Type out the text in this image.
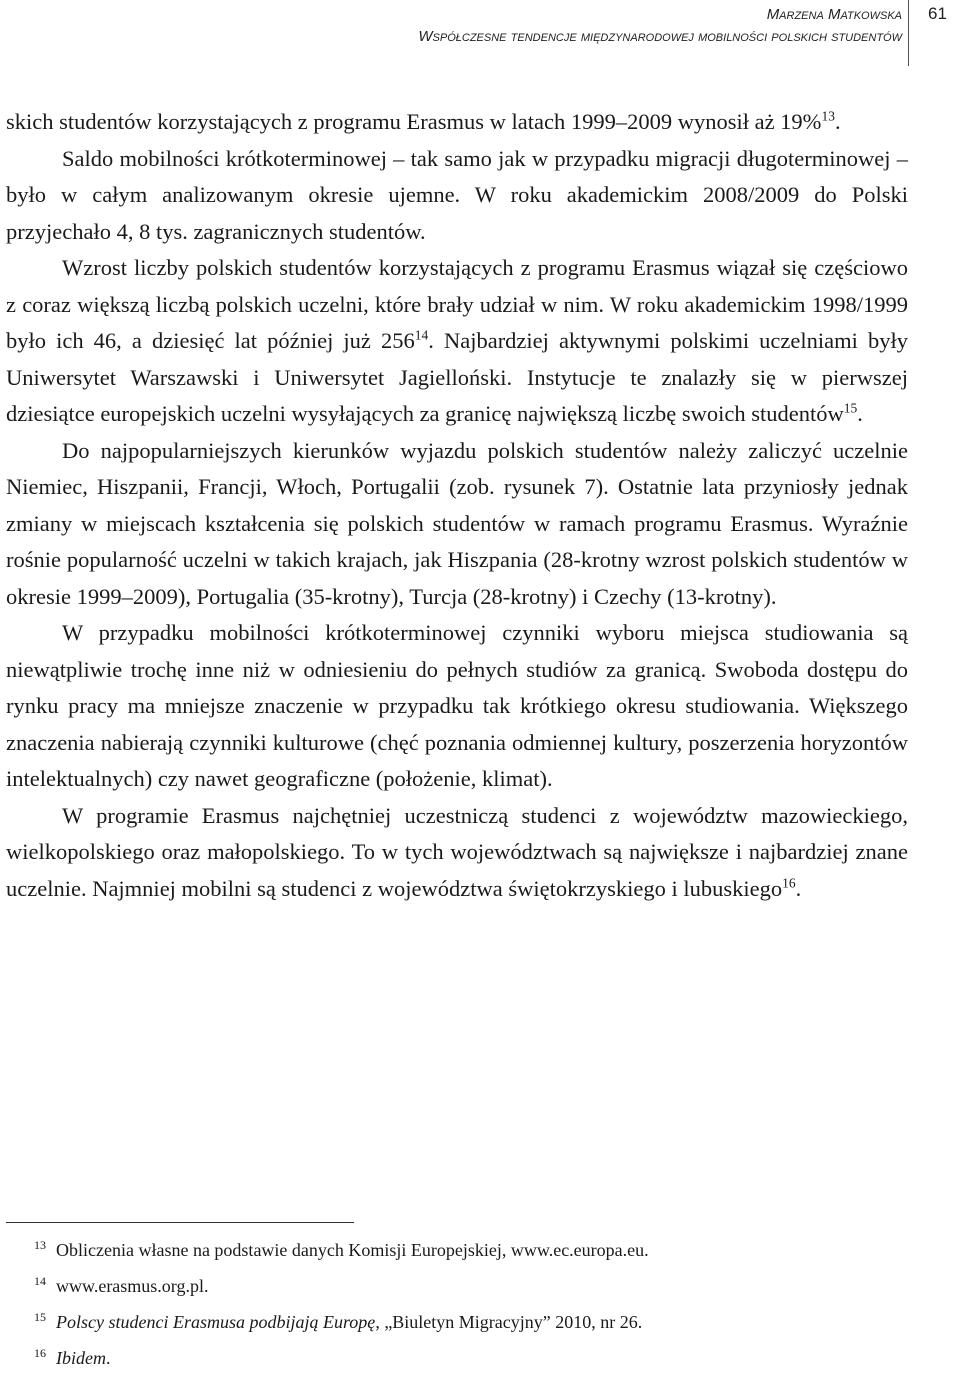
Marzena Matkowska
Współczesne tendencje międzynarodowej mobilności polskich studentów
61

skich studentów korzystających z programu Erasmus w latach 1999–2009 wynosił aż 19%$^{13}$.

Saldo mobilności krótkoterminowej – tak samo jak w przypadku migracji długoterminowej – było w całym analizowanym okresie ujemne. W roku akademickim 2008/2009 do Polski przyjechało 4, 8 tys. zagranicznych studentów.

Wzrost liczby polskich studentów korzystających z programu Erasmus wiązał się częściowo z coraz większą liczbą polskich uczelni, które brały udział w nim. W roku akademickim 1998/1999 było ich 46, a dziesięć lat później już $256^{14}$. Najbardziej aktywnymi polskimi uczelniami były Uniwersytet Warszawski i Uniwersytet Jagielloński. Instytucje te znalazły się w pierwszej dziesiątce europejskich uczelni wysyłających za granicę największą liczbę swoich studentów$^{15}$.

Do najpopularniejszych kierunków wyjazdu polskich studentów należy zaliczyć uczelnie Niemiec, Hiszpanii, Francji, Włoch, Portugalii (zob. rysunek 7). Ostatnie lata przyniosły jednak zmiany w miejscach kształcenia się polskich studentów w ramach programu Erasmus. Wyraźnie rośnie popularność uczelni w takich krajach, jak Hiszpania (28-krotny wzrost polskich studentów w okresie 1999–2009), Portugalia (35-krotny), Turcja (28-krotny) i Czechy (13-krotny).

W przypadku mobilności krótkoterminowej czynniki wyboru miejsca studiowania są niewątpliwie trochę inne niż w odniesieniu do pełnych studiów za granicą. Swoboda dostępu do rynku pracy ma mniejsze znaczenie w przypadku tak krótkiego okresu studiowania. Większego znaczenia nabierają czynniki kulturowe (chęć poznania odmiennej kultury, poszerzenia horyzontów intelektualnych) czy nawet geograficzne (położenie, klimat).

W programie Erasmus najchętniej uczestniczą studenci z województw mazowieckiego, wielkopolskiego oraz małopolskiego. To w tych województwach są największe i najbardziej znane uczelnie. Najmniej mobilni są studenci z województwa świętokrzyskiego i lubuskiego$^{16}$.

13 Obliczenia własne na podstawie danych Komisji Europejskiej, www.ec.europa.eu.

14 www.erasmus.org.pl.

15 Polscy studenci Erasmusa podbijają Europę, „Biuletyn Migracyjny” 2010, nr 26.

16 Ibidem.
